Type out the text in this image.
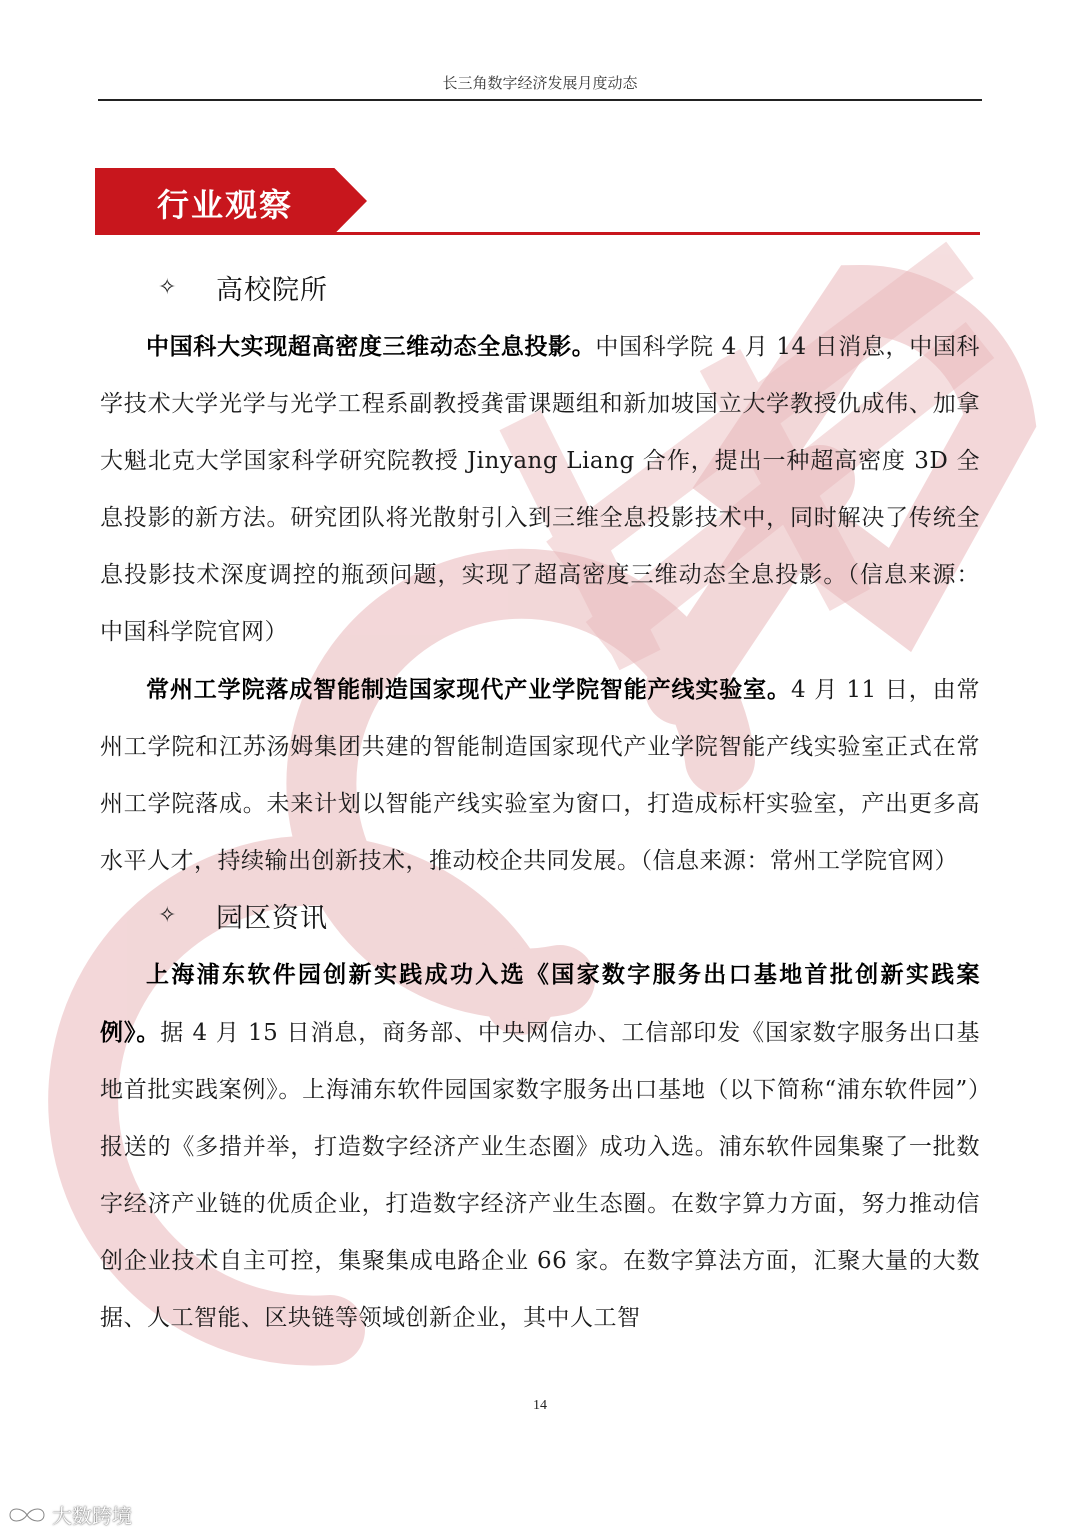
长三角数字经济发展月度动态
行业观察
✧	高校院所

中国科大实现超高密度三维动态全息投影。中国科学院 4 月 14 日消息，中国科学技术大学光学与光学工程系副教授龚雷课题组和新加坡国立大学教授仇成伟、加拿大魁北克大学国家科学研究院教授 Jinyang Liang 合作，提出一种超高密度 3D 全息投影的新方法。研究团队将光散射引入到三维全息投影技术中，同时解决了传统全息投影技术深度调控的瓶颈问题，实现了超高密度三维动态全息投影。（信息来源：中国科学院官网）

常州工学院落成智能制造国家现代产业学院智能产线实验室。4 月 11 日，由常州工学院和江苏汤姆集团共建的智能制造国家现代产业学院智能产线实验室正式在常州工学院落成。未来计划以智能产线实验室为窗口，打造成标杆实验室，产出更多高水平人才，持续输出创新技术，推动校企共同发展。（信息来源：常州工学院官网）

✧	园区资讯

上海浦东软件园创新实践成功入选《国家数字服务出口基地首批创新实践案例》。据 4 月 15 日消息，商务部、中央网信办、工信部印发《国家数字服务出口基地首批实践案例》。上海浦东软件园国家数字服务出口基地（以下简称“浦东软件园”）报送的《多措并举，打造数字经济产业生态圈》成功入选。浦东软件园集聚了一批数字经济产业链的优质企业，打造数字经济产业生态圈。在数字算力方面，努力推动信创企业技术自主可控，集聚集成电路企业 66 家。在数字算法方面，汇聚大量的大数据、人工智能、区块链等领域创新企业，其中人工智

14
大数跨境
